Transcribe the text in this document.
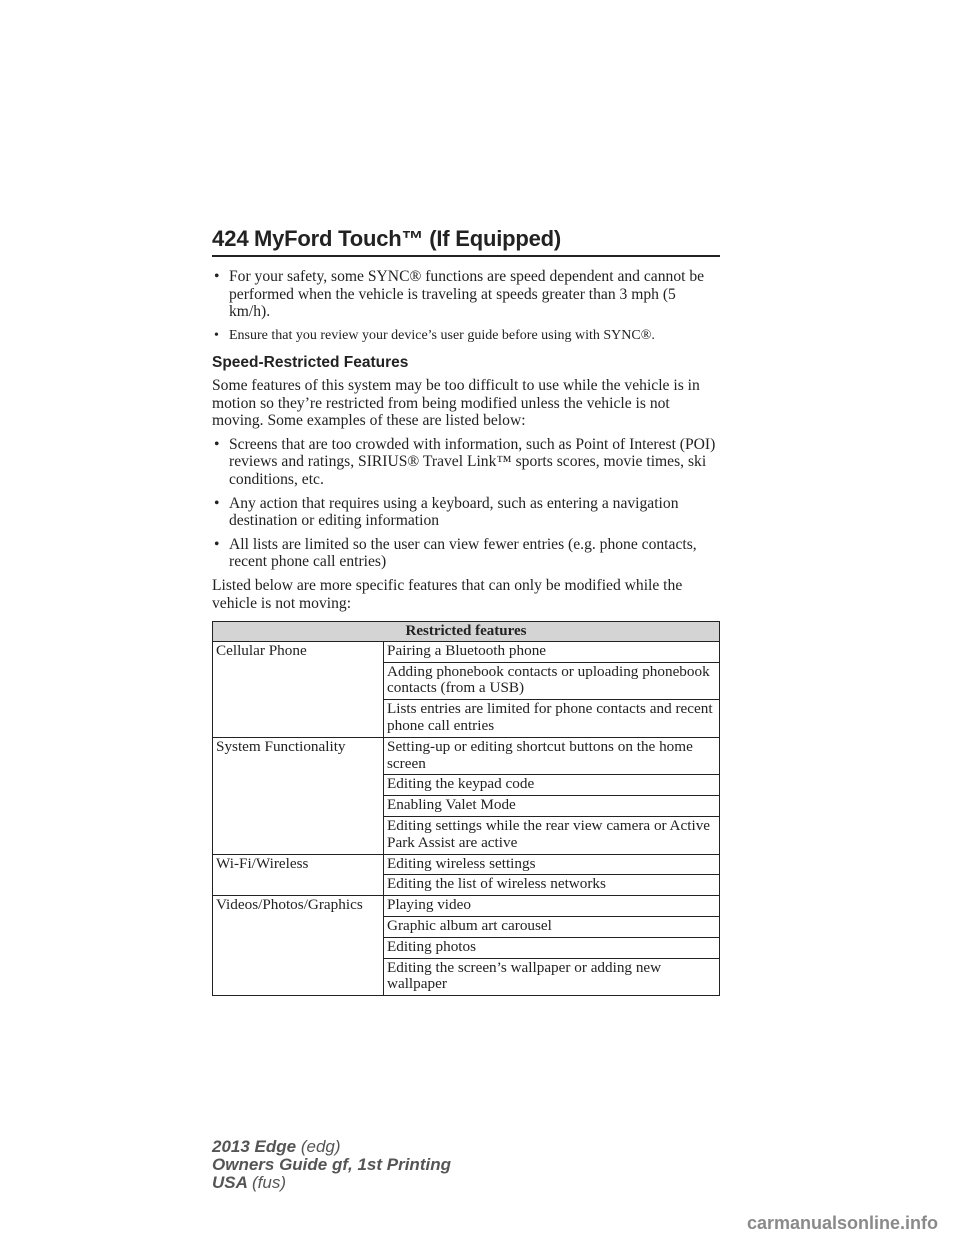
424 MyFord Touch™ (If Equipped)
• For your safety, some SYNC® functions are speed dependent and cannot be performed when the vehicle is traveling at speeds greater than 3 mph (5 km/h).
• Ensure that you review your device’s user guide before using with SYNC®.
Speed-Restricted Features

Some features of this system may be too difficult to use while the vehicle is in motion so they’re restricted from being modified unless the vehicle is not moving. Some examples of these are listed below:

• Screens that are too crowded with information, such as Point of Interest (POI) reviews and ratings, SIRIUS® Travel Link™ sports scores, movie times, ski conditions, etc.
• Any action that requires using a keyboard, such as entering a navigation destination or editing information
• All lists are limited so the user can view fewer entries (e.g. phone contacts, recent phone call entries)

Listed below are more specific features that can only be modified while the vehicle is not moving:

Restricted features	
Cellular Phone	Pairing a Bluetooth phone
	Adding phonebook contacts or uploading phonebook contacts (from a USB)
	Lists entries are limited for phone contacts and recent phone call entries
System Functionality	Setting-up or editing shortcut buttons on the home screen
	Editing the keypad code
	Enabling Valet Mode
	Editing settings while the rear view camera or Active Park Assist are active
Wi-Fi/Wireless	Editing wireless settings
	Editing the list of wireless networks
Videos/Photos/Graphics	Playing video
	Graphic album art carousel
	Editing photos
	Editing the screen’s wallpaper or adding new wallpaper
2013 Edge (edg)
Owners Guide gf, 1st Printing
USA (fus)
carmanualsonline.info
